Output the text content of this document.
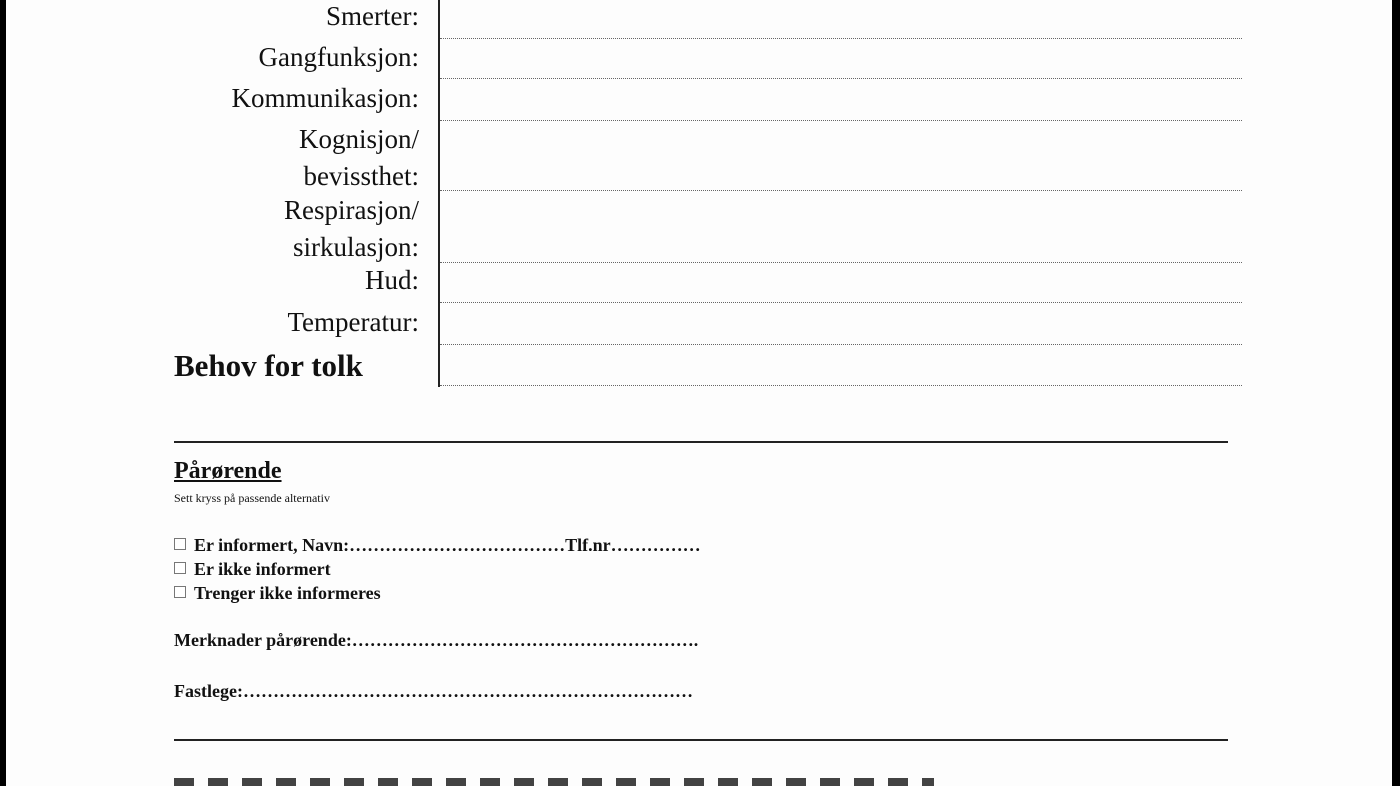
Smerter:
Gangfunksjon:
Kommunikasjon:
Kognisjon/
bevissthet:
Respirasjon/
sirkulasjon:
Hud:
Temperatur:
Behov for tolk
Pårørende
Sett kryss på passende alternativ
Er informert, Navn:………………………………Tlf.nr……………
Er ikke informert
Trenger ikke informeres
Merknader pårørende:………………………………………………….
Fastlege:…………………………………………………………………
